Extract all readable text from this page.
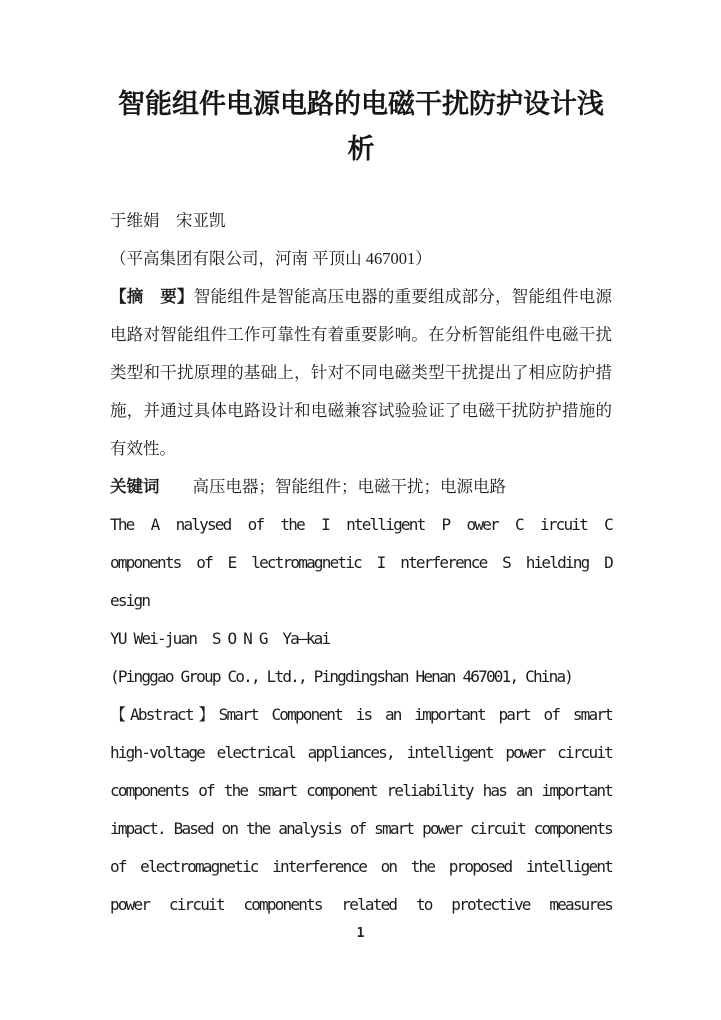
智能组件电源电路的电磁干扰防护设计浅析
于维娟　宋亚凯
（平高集团有限公司，河南 平顶山 467001）
【摘　要】智能组件是智能高压电器的重要组成部分，智能组件电源
电路对智能组件工作可靠性有着重要影响。在分析智能组件电磁干扰
类型和干扰原理的基础上，针对不同电磁类型干扰提出了相应防护措
施，并通过具体电路设计和电磁兼容试验验证了电磁干扰防护措施的
有效性。
关键词　　高压电器；智能组件；电磁干扰；电源电路
The A nalysed of the I ntelligent P ower C ircuit C
omponents of E lectromagnetic I nterference S hielding D
esign
YU Wei-juan  S O N G  Ya—kai
(Pinggao Group Co., Ltd., Pingdingshan Henan 467001, China)
【Abstract】Smart Component is an important part of smart
high-voltage electrical appliances, intelligent power circuit
components of the smart component reliability has an important
impact. Based on the analysis of smart power circuit components
of electromagnetic interference on the proposed intelligent
power circuit components related to protective measures
1
